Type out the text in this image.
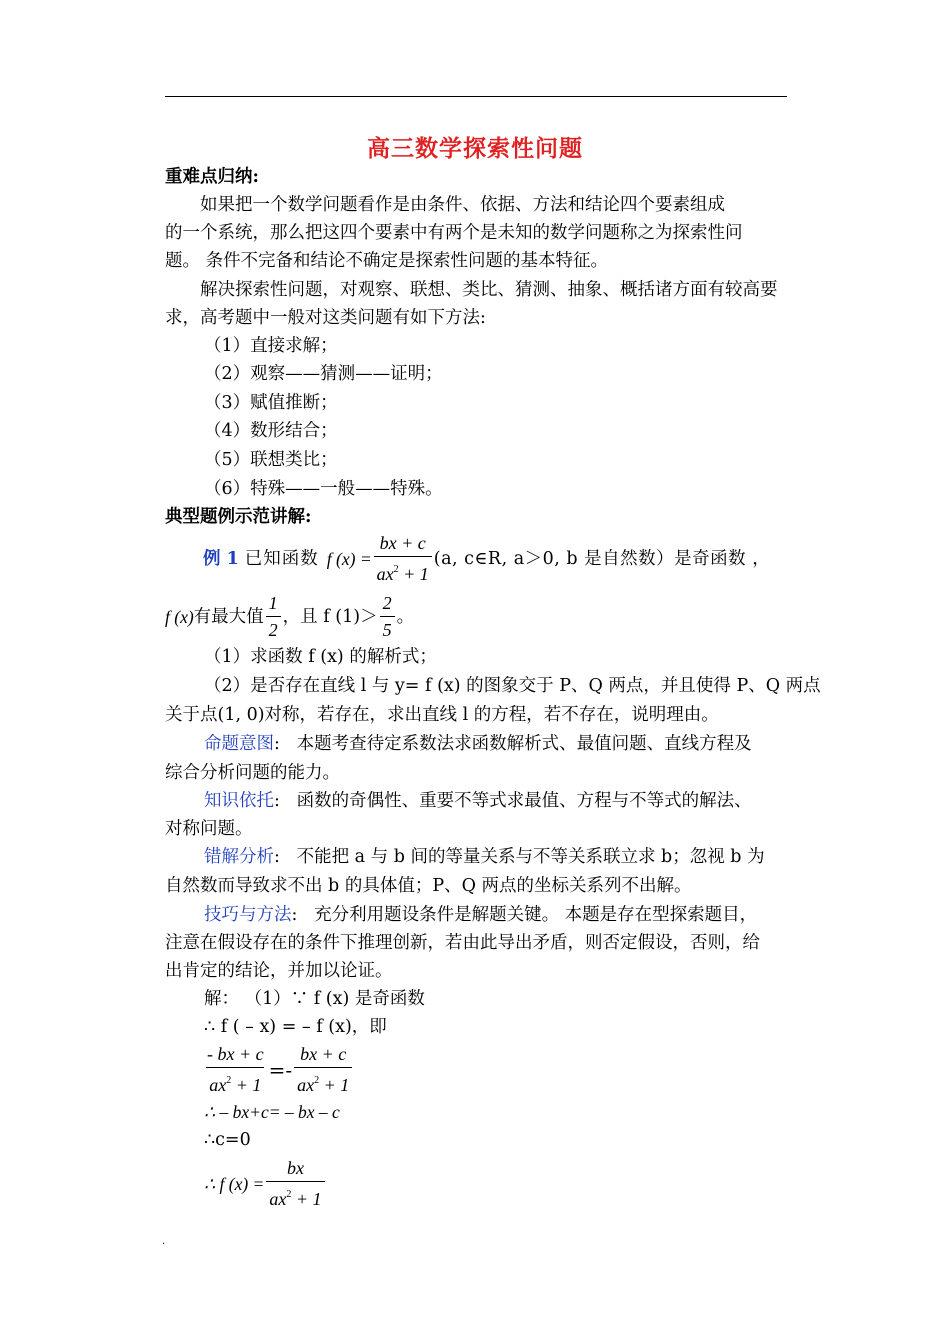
高三数学探索性问题
重难点归纳:
如果把一个数学问题看作是由条件、依据、方法和结论四个要素组成
的一个系统，那么把这四个要素中有两个是未知的数学问题称之为探索性问
题。 条件不完备和结论不确定是探索性问题的基本特征。
解决探索性问题，对观察、联想、类比、猜测、抽象、概括诸方面有较高要
求，高考题中一般对这类问题有如下方法:
（1）直接求解；
（2）观察——猜测——证明；
（3）赋值推断；
（4）数形结合；
（5）联想类比；
（6）特殊——一般——特殊。
典型题例示范讲解:
例 1 已知函数 f $(x) = \frac{bx + c}{ax^2 + 1} (a$, c∈R, a＞0, b 是自然数）是奇函数 ，
f (x) 有最大值 $\frac{1}{2}$ ，且 f $(1)> \frac{2}{5}$ 。
（1）求函数 f (x) 的解析式；
（2）是否存在直线 l 与 y= f (x) 的图象交于 P、Q 两点，并且使得 P、Q 两点
关于点(1, 0)对称，若存在，求出直线 l 的方程，若不存在，说明理由。
命题意图:   本题考查待定系数法求函数解析式、最值问题、直线方程及
综合分析问题的能力。
知识依托:   函数的奇偶性、重要不等式求最值、方程与不等式的解法、
对称问题。
错解分析:   不能把 a 与 b 间的等量关系与不等关系联立求 b；忽视 b 为
自然数而导致求不出 b 的具体值；P、Q 两点的坐标关系列不出解。
技巧与方法:   充分利用题设条件是解题关键。 本题是存在型探索题目，
注意在假设存在的条件下推理创新，若由此导出矛盾，则否定假设，否则，给
出肯定的结论，并加以论证。
解： （1）∵ f (x) 是奇函数
∴ f ( – x) = – f (x)，即
$\frac{- bx + c}{ax^2 + 1} =- \frac{bx + c}{ax^2 + 1}$
∴ – bx+c= – bx – c
∴c=0
∴ f $(x) = \frac{bx}{ax^2 + 1}$
.
